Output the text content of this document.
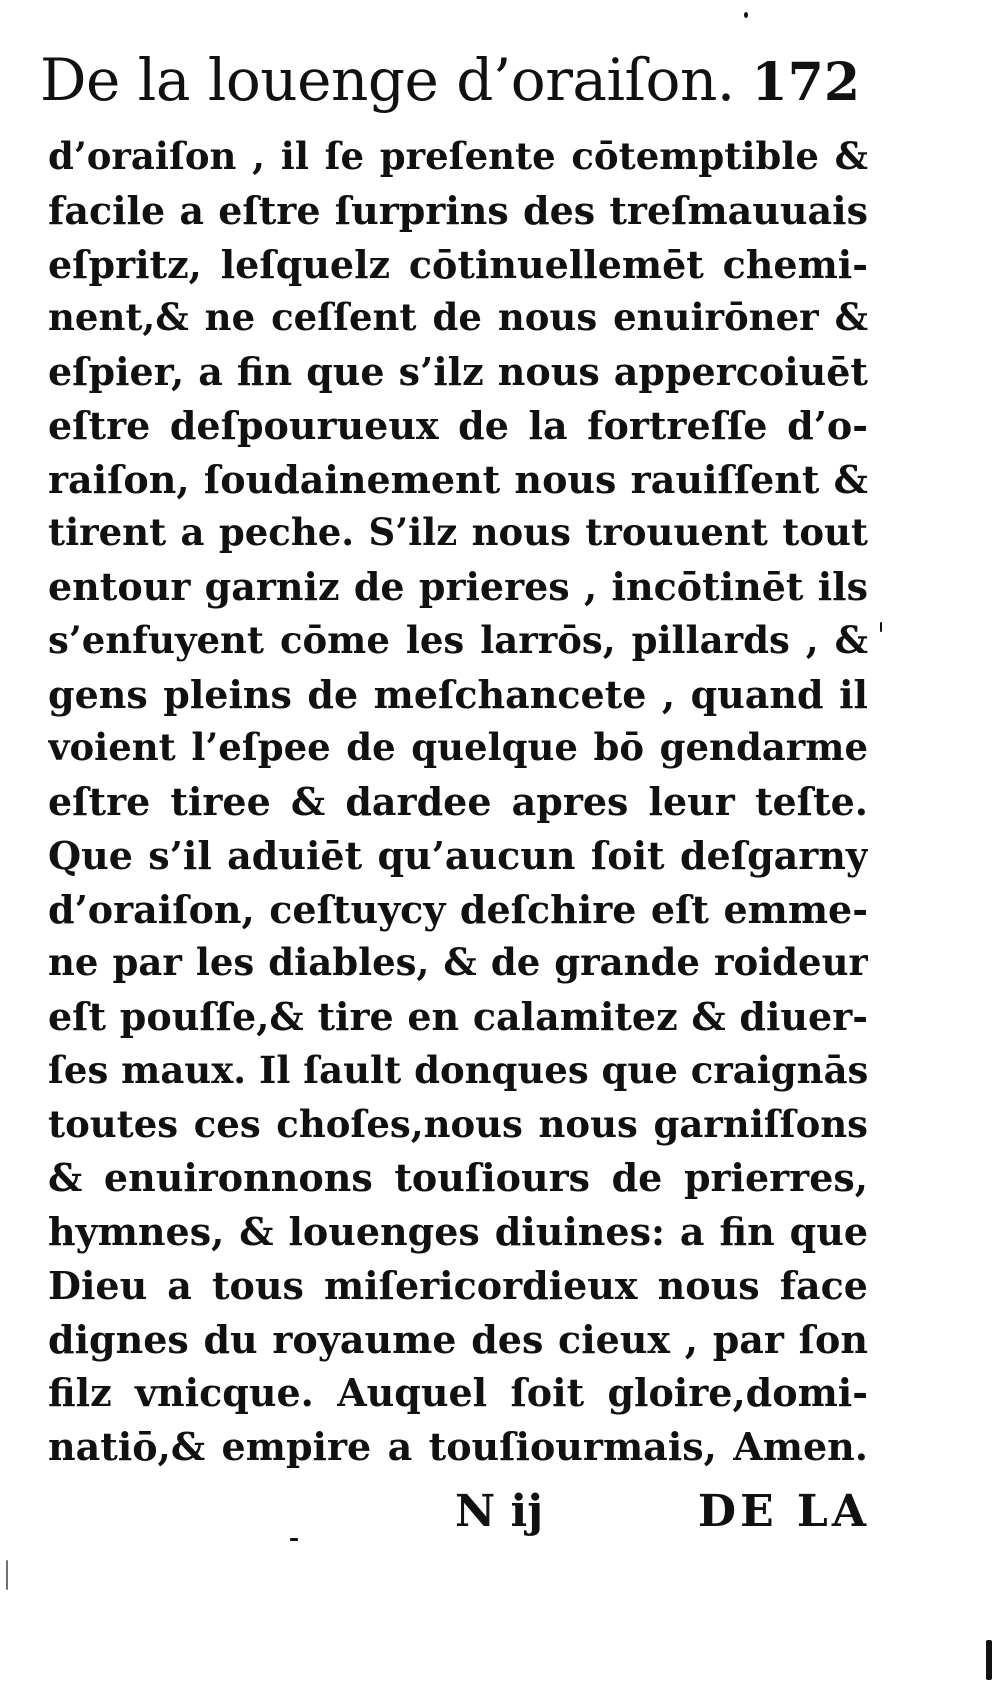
De la louenge d’oraiſon. 172
d’oraiſon , il ſe preſente cōtemptible &
facile a eſtre ſurprins des treſmauuais
eſpritz, leſquelz cōtinuellemēt chemi-
nent,& ne ceſſent de nous enuirōner &
eſpier, a fin que s’ilz nous appercoiuēt
eſtre deſpourueux de la fortreſſe d’o-
raiſon, ſoudainement nous rauiſſent &
tirent a peche. S’ilz nous trouuent tout
entour garniz de prieres , incōtinēt ils
s’enfuyent cōme les larrōs, pillards , &
gens pleins de meſchancete , quand il
voient l’eſpee de quelque bō gendarme
eſtre tiree & dardee apres leur teſte.
Que s’il aduiēt qu’aucun ſoit deſgarny
d’oraiſon, ceſtuycy deſchire eſt emme-
ne par les diables, & de grande roideur
eſt pouſſe,& tire en calamitez & diuer-
ſes maux. Il ſault donques que craignās
toutes ces choſes,nous nous garniſſons
& enuironnons touſiours de prierres,
hymnes, & louenges diuines: a fin que
Dieu a tous miſericordieux nous face
dignes du royaume des cieux , par ſon
filz vnicque. Auquel ſoit gloire,domi-
natiō,& empire a touſiourmais, Amen.
N ij	DE LA
